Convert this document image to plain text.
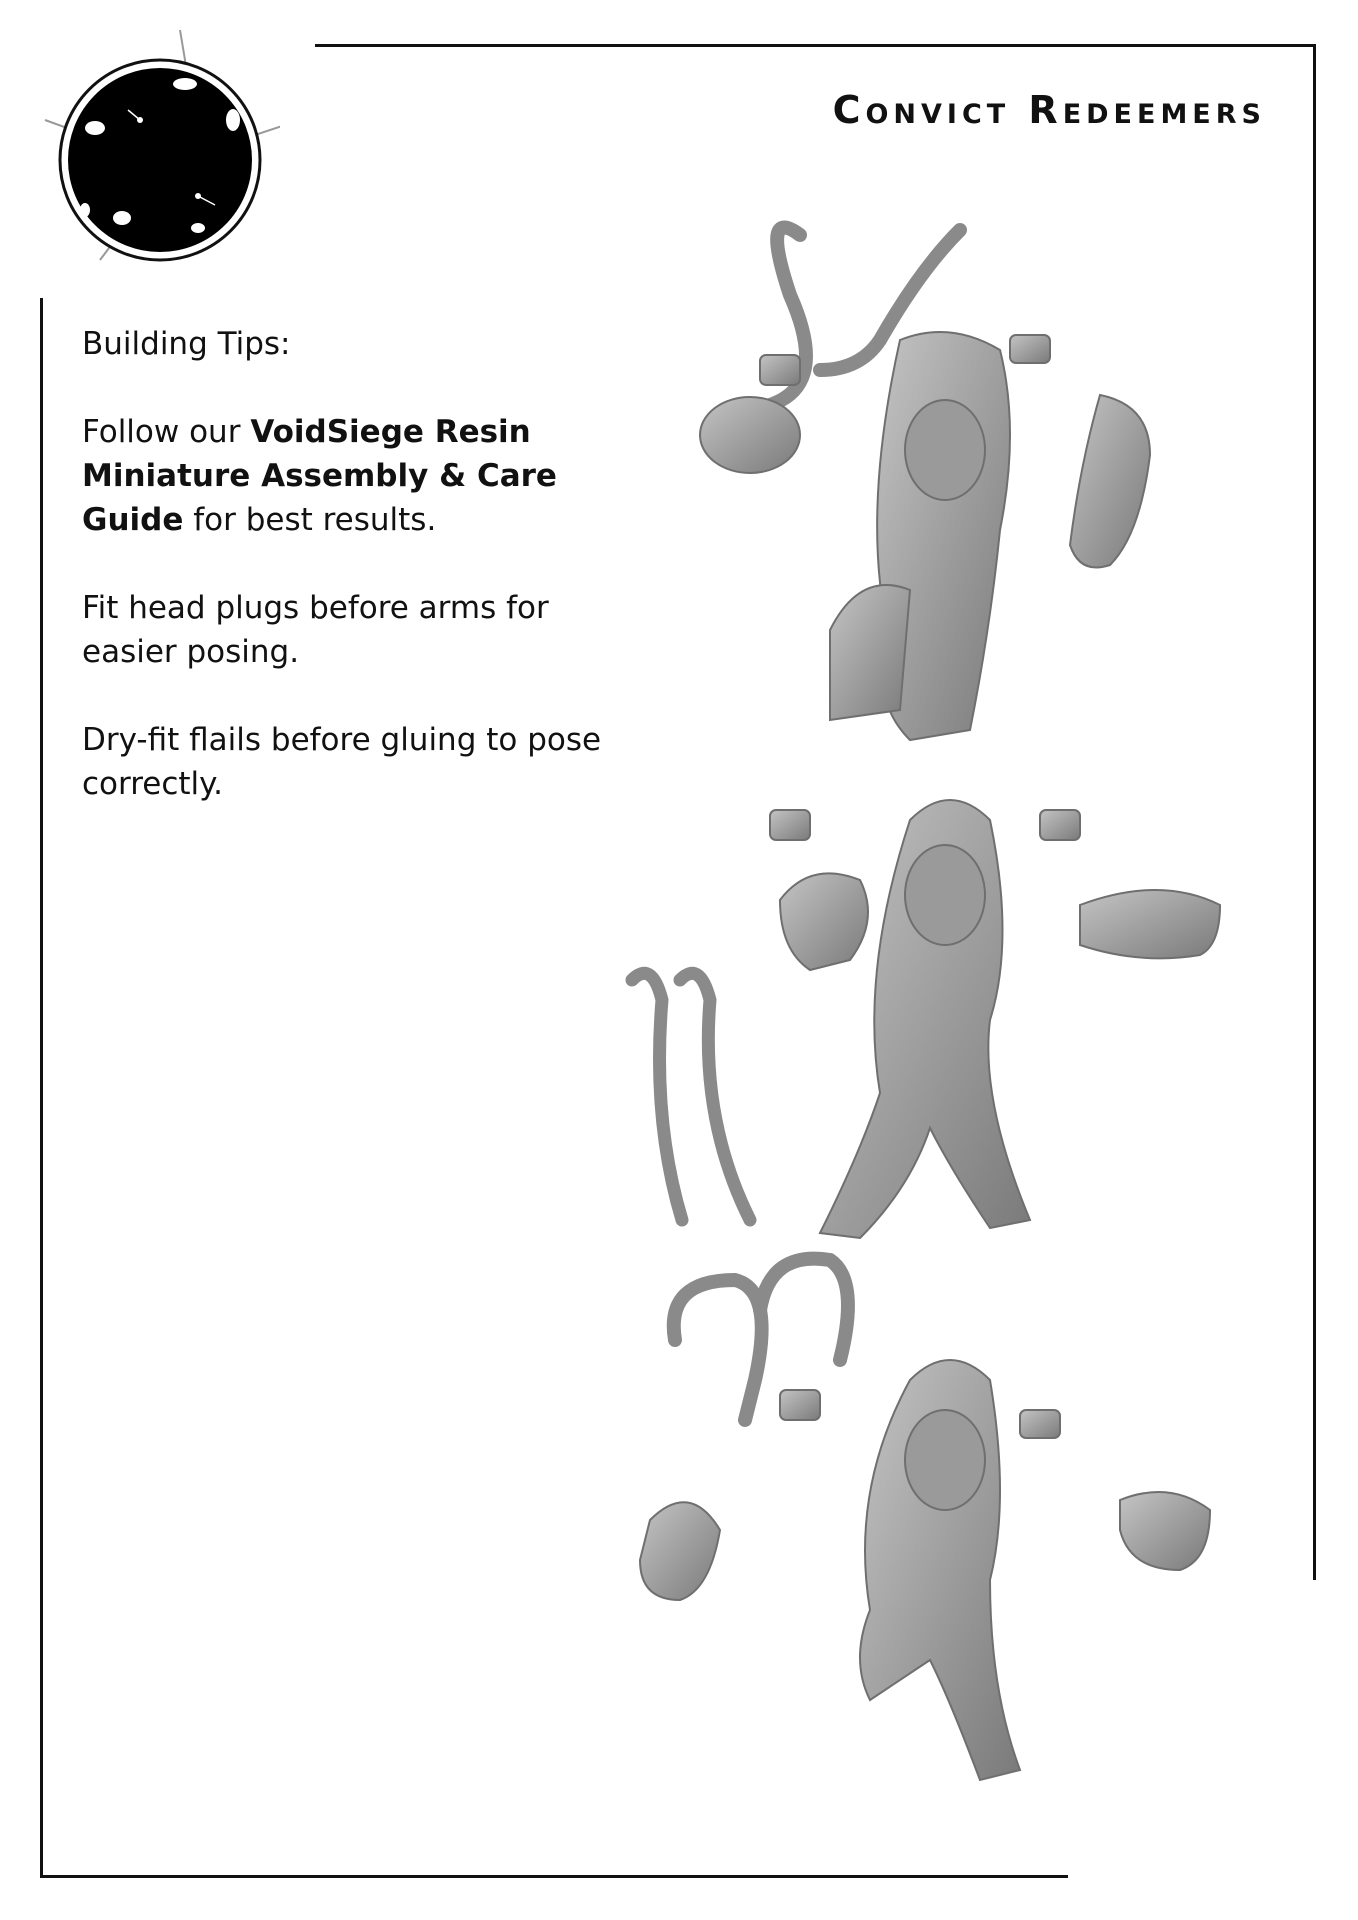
Convict Redeemers

Building Tips:

Follow our VoidSiege Resin Miniature Assembly & Care Guide for best results.

Fit head plugs before arms for easier posing.

Dry-fit flails before gluing to pose correctly.
